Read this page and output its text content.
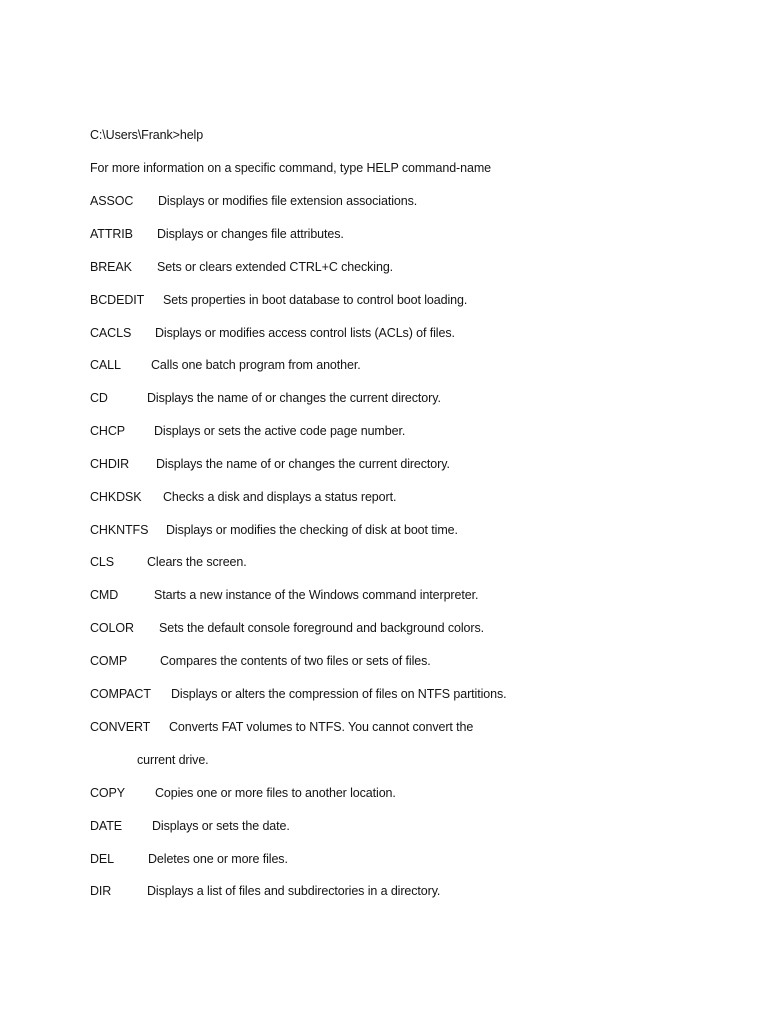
C:\Users\Frank>help
For more information on a specific command, type HELP command-name
ASSOC Displays or modifies file extension associations.
ATTRIB Displays or changes file attributes.
BREAK Sets or clears extended CTRL+C checking.
BCDEDIT Sets properties in boot database to control boot loading.
CACLS Displays or modifies access control lists (ACLs) of files.
CALL Calls one batch program from another.
CD	Displays the name of or changes the current directory.
CHCP Displays or sets the active code page number.
CHDIR Displays the name of or changes the current directory.
CHKDSK Checks a disk and displays a status report.
CHKNTFS Displays or modifies the checking of disk at boot time.
CLS	Clears the screen.
CMD	Starts a new instance of the Windows command interpreter.
COLOR Sets the default console foreground and background colors.
COMP	Compares the contents of two files or sets of files.
COMPACT Displays or alters the compression of files on NTFS partitions.
CONVERT Converts FAT volumes to NTFS. You cannot convert the
current drive.
COPY Copies one or more files to another location.
DATE Displays or sets the date.
DEL	Deletes one or more files.
DIR	Displays a list of files and subdirectories in a directory.
